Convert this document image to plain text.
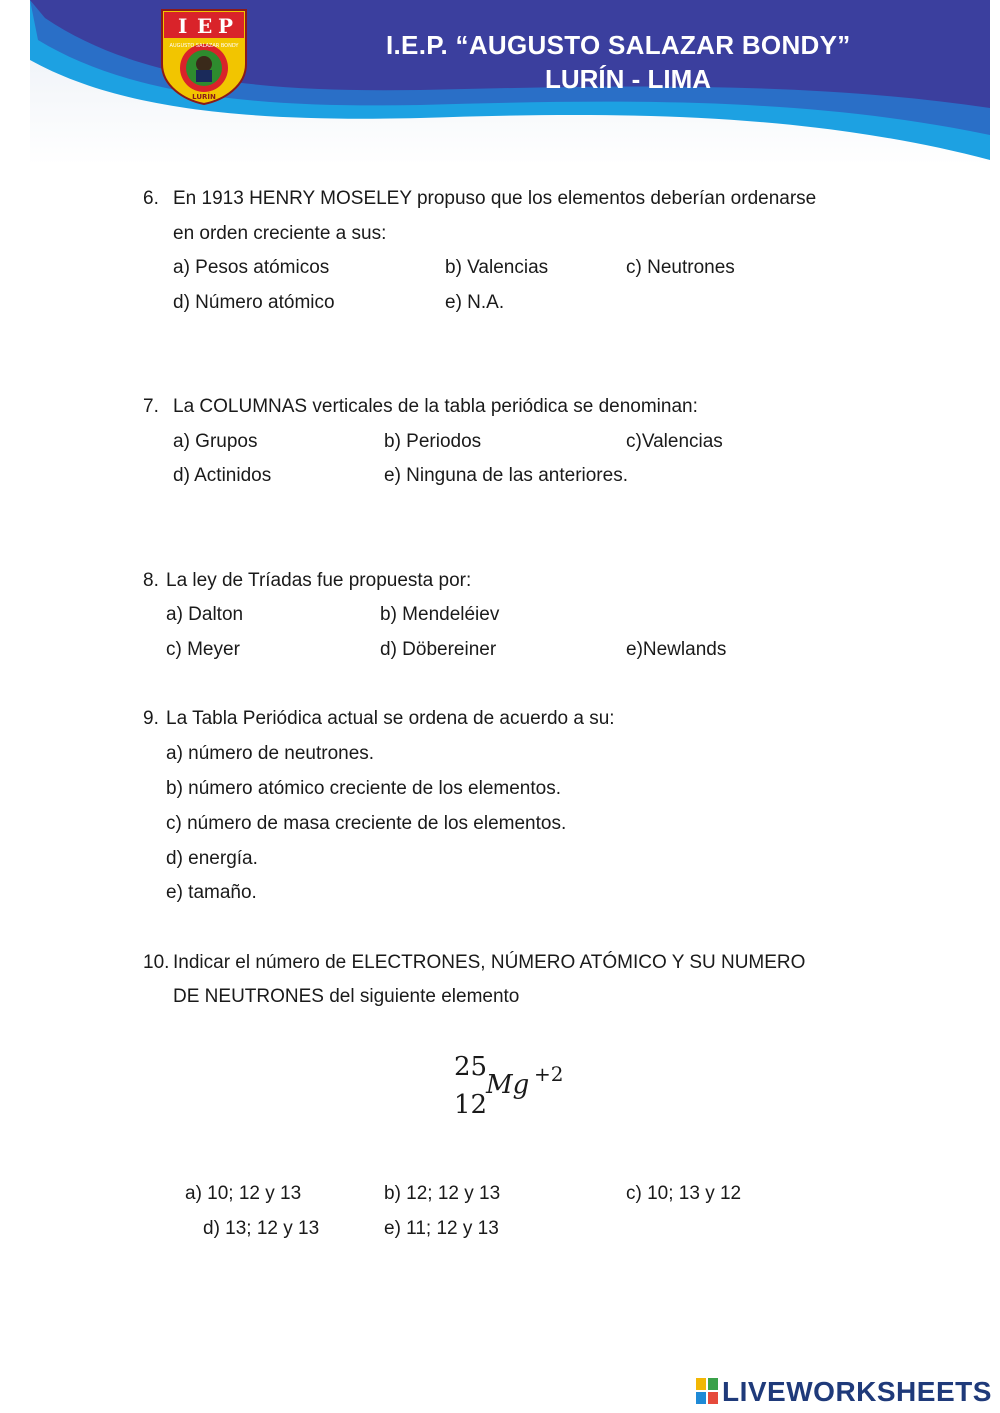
I E P
AUGUSTO SALAZAR BONDY
LURÍN
I.E.P. “AUGUSTO SALAZAR BONDY”
LURÍN - LIMA
6. En 1913 HENRY MOSELEY propuso que los elementos deberían ordenarse
en orden creciente a sus:
a) Pesos atómicos	b) Valencias	c) Neutrones
d) Número atómico	e) N.A.
7. La COLUMNAS verticales de la tabla periódica se denominan:
a) Grupos	b) Periodos	c)Valencias
d) Actinidos	e) Ninguna de las anteriores.
8. La ley de Tríadas fue propuesta por:
a) Dalton	b) Mendeléiev
c) Meyer	d) Döbereiner	e)Newlands
9. La Tabla Periódica actual se ordena de acuerdo a su:
a) número de neutrones.
b) número atómico creciente de los elementos.
c) número de masa creciente de los elementos.
d) energía.
e) tamaño.
10. Indicar el número de ELECTRONES, NÚMERO ATÓMICO Y SU NUMERO
DE NEUTRONES del siguiente elemento
25
12
Mg +2
a) 10; 12 y 13	b) 12; 12 y 13	c) 10; 13 y 12
d) 13; 12 y 13	e) 11; 12 y 13
LIVEWORKSHEETS
